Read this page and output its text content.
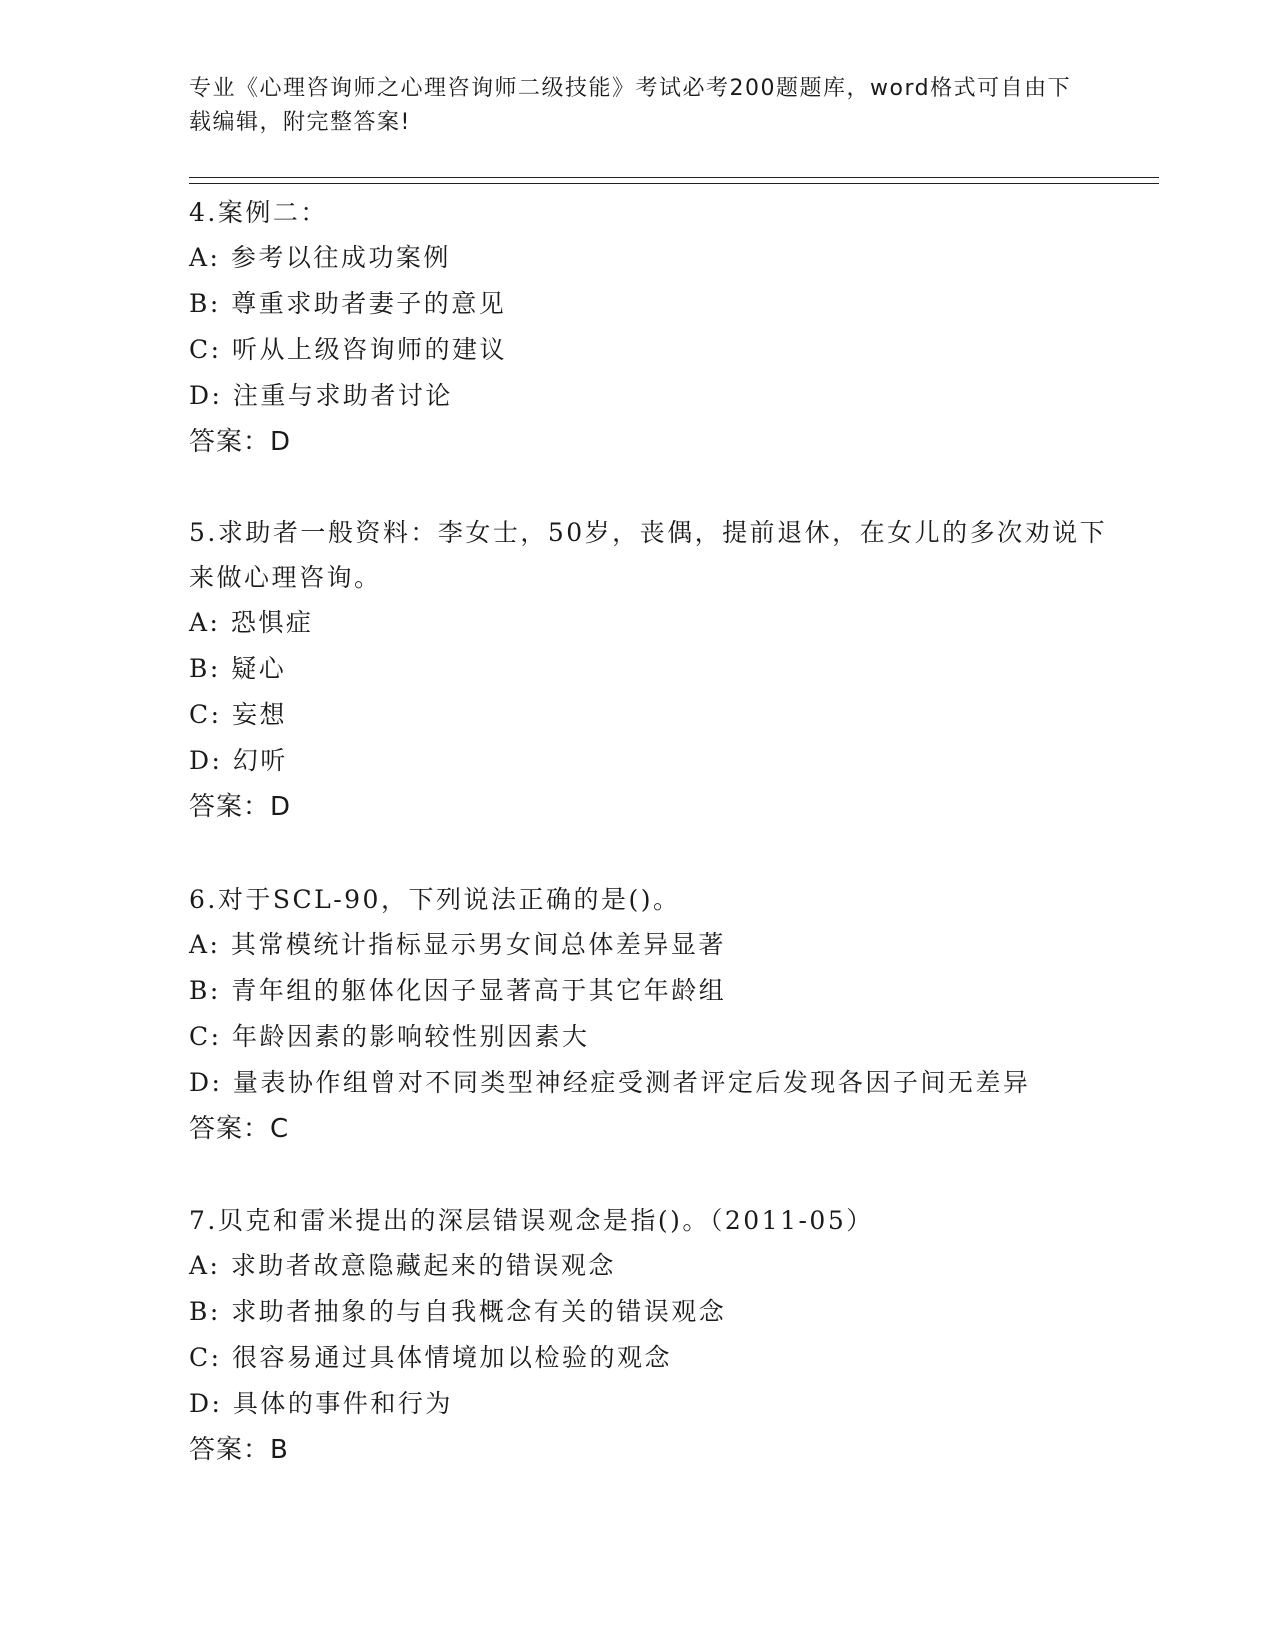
专业《心理咨询师之心理咨询师二级技能》考试必考200题题库，word格式可自由下载编辑，附完整答案!

4.案例二：

A: 参考以往成功案例

B: 尊重求助者妻子的意见

C: 听从上级咨询师的建议

D: 注重与求助者讨论

答案：D

5.求助者一般资料：李女士，50岁，丧偶，提前退休，在女儿的多次劝说下来做心理咨询。

A: 恐惧症

B: 疑心

C: 妄想

D: 幻听

答案：D

6.对于SCL-90，下列说法正确的是()。

A: 其常模统计指标显示男女间总体差异显著

B: 青年组的躯体化因子显著高于其它年龄组

C: 年龄因素的影响较性别因素大

D: 量表协作组曾对不同类型神经症受测者评定后发现各因子间无差异

答案：C

7.贝克和雷米提出的深层错误观念是指()。（2011-05）

A: 求助者故意隐藏起来的错误观念

B: 求助者抽象的与自我概念有关的错误观念

C: 很容易通过具体情境加以检验的观念

D: 具体的事件和行为

答案：B
